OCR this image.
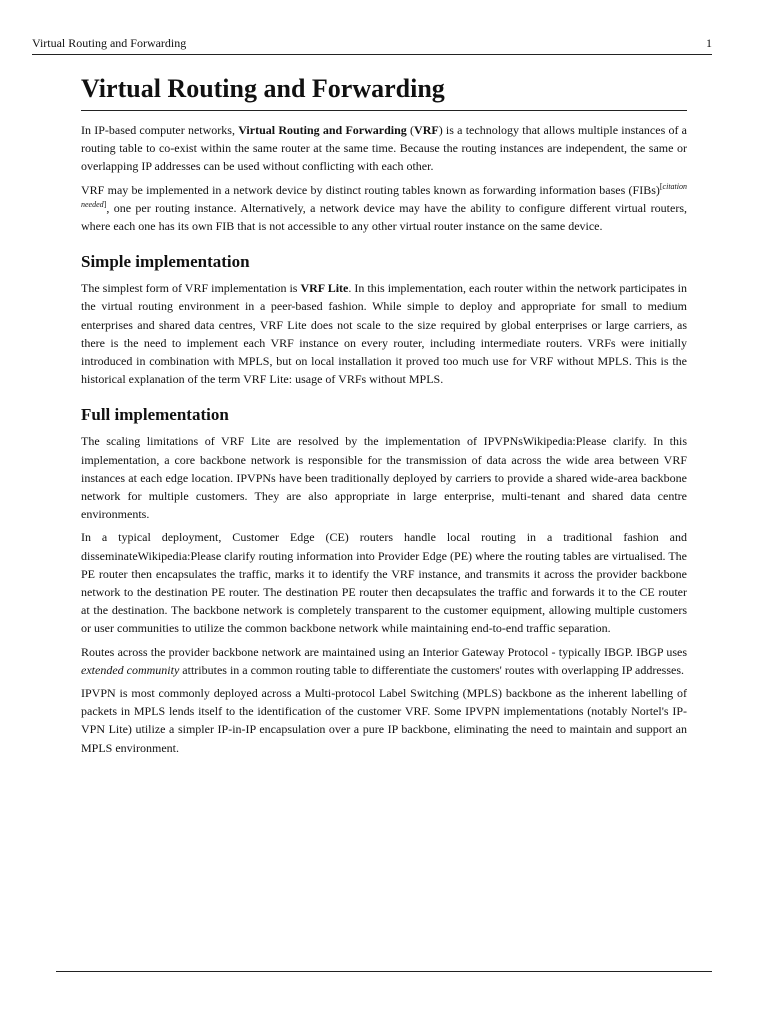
Virtual Routing and Forwarding	1
Virtual Routing and Forwarding

In IP-based computer networks, Virtual Routing and Forwarding (VRF) is a technology that allows multiple instances of a routing table to co-exist within the same router at the same time. Because the routing instances are independent, the same or overlapping IP addresses can be used without conflicting with each other.

VRF may be implemented in a network device by distinct routing tables known as forwarding information bases (FIBs)[citation needed], one per routing instance. Alternatively, a network device may have the ability to configure different virtual routers, where each one has its own FIB that is not accessible to any other virtual router instance on the same device.

Simple implementation

The simplest form of VRF implementation is VRF Lite. In this implementation, each router within the network participates in the virtual routing environment in a peer-based fashion. While simple to deploy and appropriate for small to medium enterprises and shared data centres, VRF Lite does not scale to the size required by global enterprises or large carriers, as there is the need to implement each VRF instance on every router, including intermediate routers. VRFs were initially introduced in combination with MPLS, but on local installation it proved too much use for VRF without MPLS. This is the historical explanation of the term VRF Lite: usage of VRFs without MPLS.

Full implementation

The scaling limitations of VRF Lite are resolved by the implementation of IPVPNsWikipedia:Please clarify. In this implementation, a core backbone network is responsible for the transmission of data across the wide area between VRF instances at each edge location. IPVPNs have been traditionally deployed by carriers to provide a shared wide-area backbone network for multiple customers. They are also appropriate in large enterprise, multi-tenant and shared data centre environments.

In a typical deployment, Customer Edge (CE) routers handle local routing in a traditional fashion and disseminateWikipedia:Please clarify routing information into Provider Edge (PE) where the routing tables are virtualised. The PE router then encapsulates the traffic, marks it to identify the VRF instance, and transmits it across the provider backbone network to the destination PE router. The destination PE router then decapsulates the traffic and forwards it to the CE router at the destination. The backbone network is completely transparent to the customer equipment, allowing multiple customers or user communities to utilize the common backbone network while maintaining end-to-end traffic separation.

Routes across the provider backbone network are maintained using an Interior Gateway Protocol - typically IBGP. IBGP uses extended community attributes in a common routing table to differentiate the customers' routes with overlapping IP addresses.

IPVPN is most commonly deployed across a Multi-protocol Label Switching (MPLS) backbone as the inherent labelling of packets in MPLS lends itself to the identification of the customer VRF. Some IPVPN implementations (notably Nortel's IP-VPN Lite) utilize a simpler IP-in-IP encapsulation over a pure IP backbone, eliminating the need to maintain and support an MPLS environment.
